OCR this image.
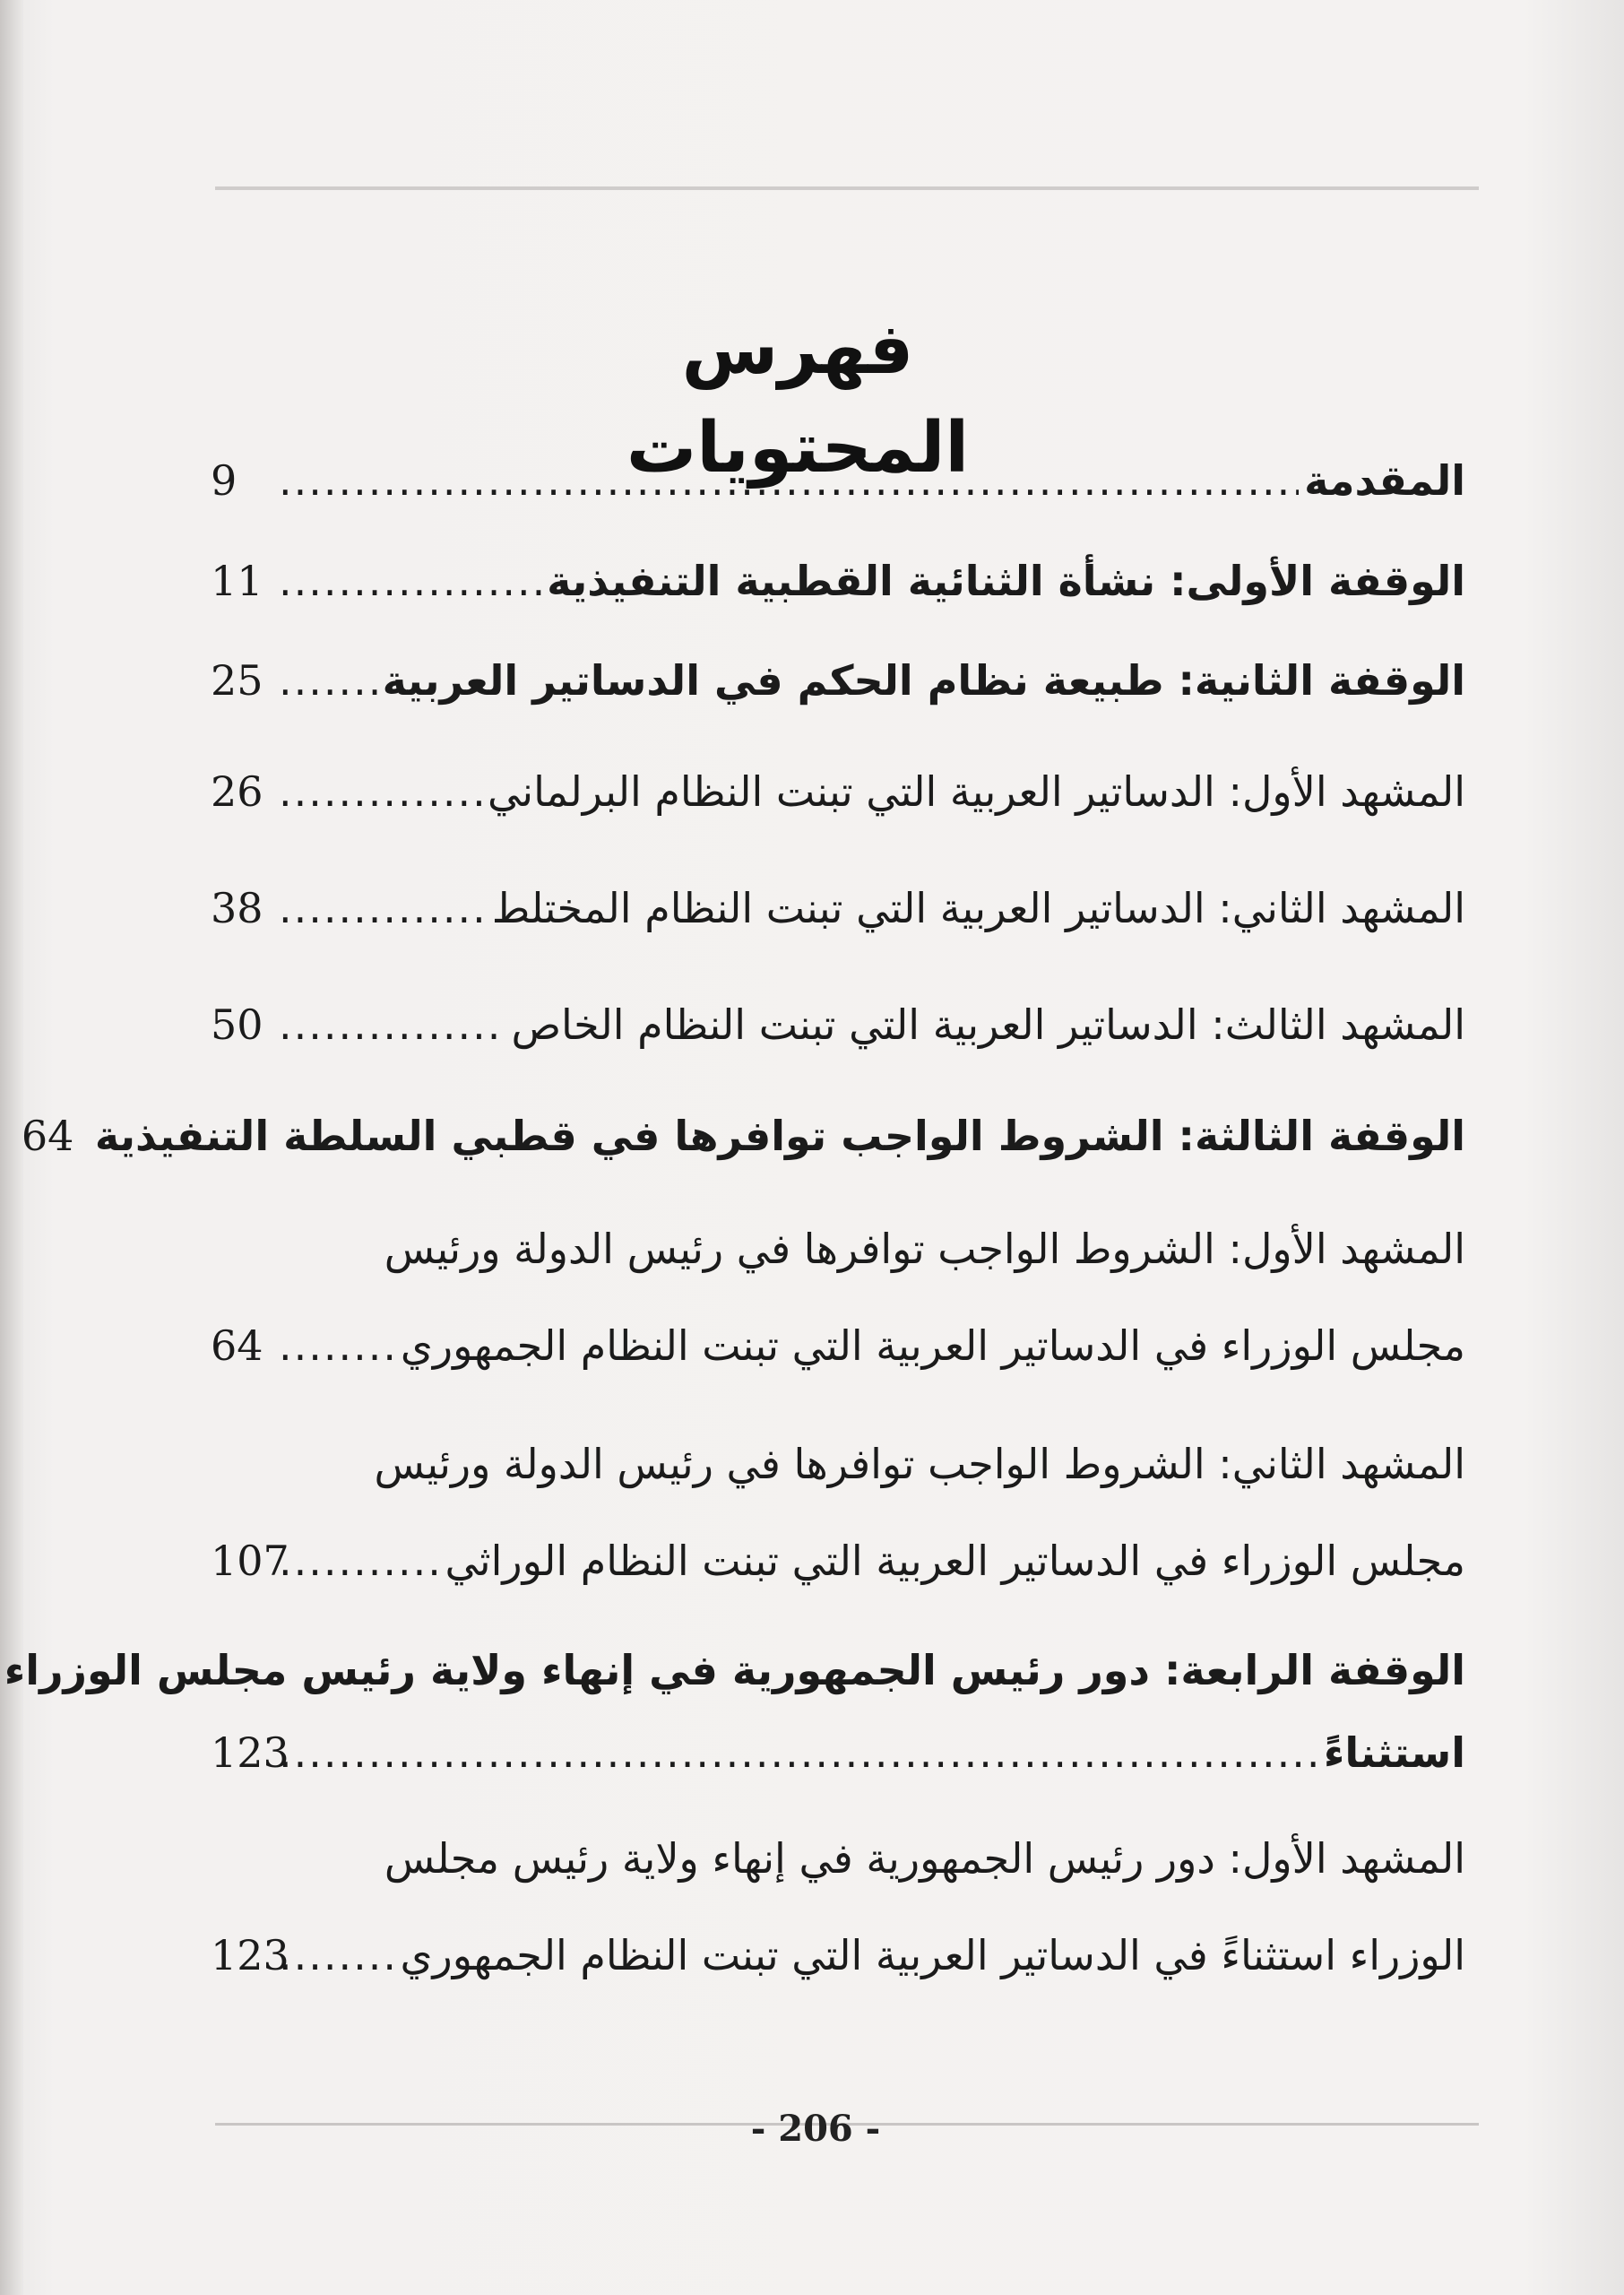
فهرس المحتويات	المقدمة
.....
9
الوقفة الأولى: نشأة الثنائية القطبية التنفيذية
.....
11
الوقفة الثانية: طبيعة نظام الحكم في الدساتير العربية
.....
25
المشهد الأول: الدساتير العربية التي تبنت النظام البرلماني
.....
26
المشهد الثاني: الدساتير العربية التي تبنت النظام المختلط
.....
38
المشهد الثالث: الدساتير العربية التي تبنت النظام الخاص
.....
50
الوقفة الثالثة: الشروط الواجب توافرها في قطبي السلطة التنفيذية
64
المشهد الأول: الشروط الواجب توافرها في رئيس الدولة ورئيس
مجلس الوزراء في الدساتير العربية التي تبنت النظام الجمهوري
.....
64
المشهد الثاني: الشروط الواجب توافرها في رئيس الدولة ورئيس
مجلس الوزراء في الدساتير العربية التي تبنت النظام الوراثي
.....
107
الوقفة الرابعة: دور رئيس الجمهورية في إنهاء ولاية رئيس مجلس الوزراء
استثناءً
.....
123
المشهد الأول: دور رئيس الجمهورية في إنهاء ولاية رئيس مجلس
الوزراء استثناءً في الدساتير العربية التي تبنت النظام الجمهوري
.....
123
- 206 -
